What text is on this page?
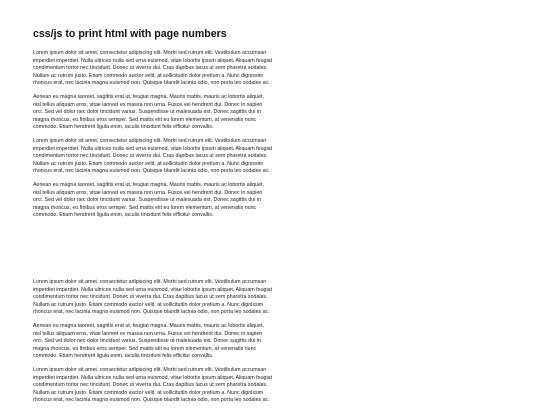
css/js to print html with page numbers

Lorem ipsum dolor sit amet, consectetur adipiscing elit. Morbi sed rutrum elit. Vestibulum accumsan
imperdiet imperdiet. Nulla ultrices nulla sed urna euismod, vitae lobortis ipsum aliquet. Aliquam feugiat
condimentum tortor nec tincidunt. Donec ut viverra dui. Cras dapibus lacus ut sem pharetra sodales.
Nullam ac rutrum justo. Etiam commodo auctor velit, at sollicitudin dolor pretium a. Nunc dignissim
rhoncus erat, nec lacinia magna euismod non. Quisque blandit lacinia odio, non porta leo sodales ac.

Aenean eu magna laoreet, sagittis erat ut, feugiat magna. Mauris mattis, mauris ac lobortis aliquet,
nisl tellus aliquam eros, vitae laoreet ex massa non urna. Fusce vel hendrerit dui. Donec in sapien
orci. Sed vel dolor nec dolor tincidunt varius. Suspendisse ut malesuada est. Donec sagittis dui in
magna rhoncus, eu finibus eros semper. Sed mattis elit eu lorem elementum, at venenatis nunc
commodo. Etiam hendrerit ligula enim, iaculis tincidunt felis efficitur convallis.

Lorem ipsum dolor sit amet, consectetur adipiscing elit. Morbi sed rutrum elit. Vestibulum accumsan
imperdiet imperdiet. Nulla ultrices nulla sed urna euismod, vitae lobortis ipsum aliquet. Aliquam feugiat
condimentum tortor nec tincidunt. Donec ut viverra dui. Cras dapibus lacus ut sem pharetra sodales.
Nullam ac rutrum justo. Etiam commodo auctor velit, at sollicitudin dolor pretium a. Nunc dignissim
rhoncus erat, nec lacinia magna euismod non. Quisque blandit lacinia odio, non porta leo sodales ac.

Aenean eu magna laoreet, sagittis erat ut, feugiat magna. Mauris mattis, mauris ac lobortis aliquet,
nisl tellus aliquam eros, vitae laoreet ex massa non urna. Fusce vel hendrerit dui. Donec in sapien
orci. Sed vel dolor nec dolor tincidunt varius. Suspendisse ut malesuada est. Donec sagittis dui in
magna rhoncus, eu finibus eros semper. Sed mattis elit eu lorem elementum, at venenatis nunc
commodo. Etiam hendrerit ligula enim, iaculis tincidunt felis efficitur convallis.

Lorem ipsum dolor sit amet, consectetur adipiscing elit. Morbi sed rutrum elit. Vestibulum accumsan
imperdiet imperdiet. Nulla ultrices nulla sed urna euismod, vitae lobortis ipsum aliquet. Aliquam feugiat
condimentum tortor nec tincidunt. Donec ut viverra dui. Cras dapibus lacus ut sem pharetra sodales.
Nullam ac rutrum justo. Etiam commodo auctor velit, at sollicitudin dolor pretium a. Nunc dignissim
rhoncus erat, nec lacinia magna euismod non. Quisque blandit lacinia odio, non porta leo sodales ac.

Aenean eu magna laoreet, sagittis erat ut, feugiat magna. Mauris mattis, mauris ac lobortis aliquet,
nisl tellus aliquam eros, vitae laoreet ex massa non urna. Fusce vel hendrerit dui. Donec in sapien
orci. Sed vel dolor nec dolor tincidunt varius. Suspendisse ut malesuada est. Donec sagittis dui in
magna rhoncus, eu finibus eros semper. Sed mattis elit eu lorem elementum, at venenatis nunc
commodo. Etiam hendrerit ligula enim, iaculis tincidunt felis efficitur convallis.

Lorem ipsum dolor sit amet, consectetur adipiscing elit. Morbi sed rutrum elit. Vestibulum accumsan
imperdiet imperdiet. Nulla ultrices nulla sed urna euismod, vitae lobortis ipsum aliquet. Aliquam feugiat
condimentum tortor nec tincidunt. Donec ut viverra dui. Cras dapibus lacus ut sem pharetra sodales.
Nullam ac rutrum justo. Etiam commodo auctor velit, at sollicitudin dolor pretium a. Nunc dignissim
rhoncus erat, nec lacinia magna euismod non. Quisque blandit lacinia odio, non porta leo sodales ac.
